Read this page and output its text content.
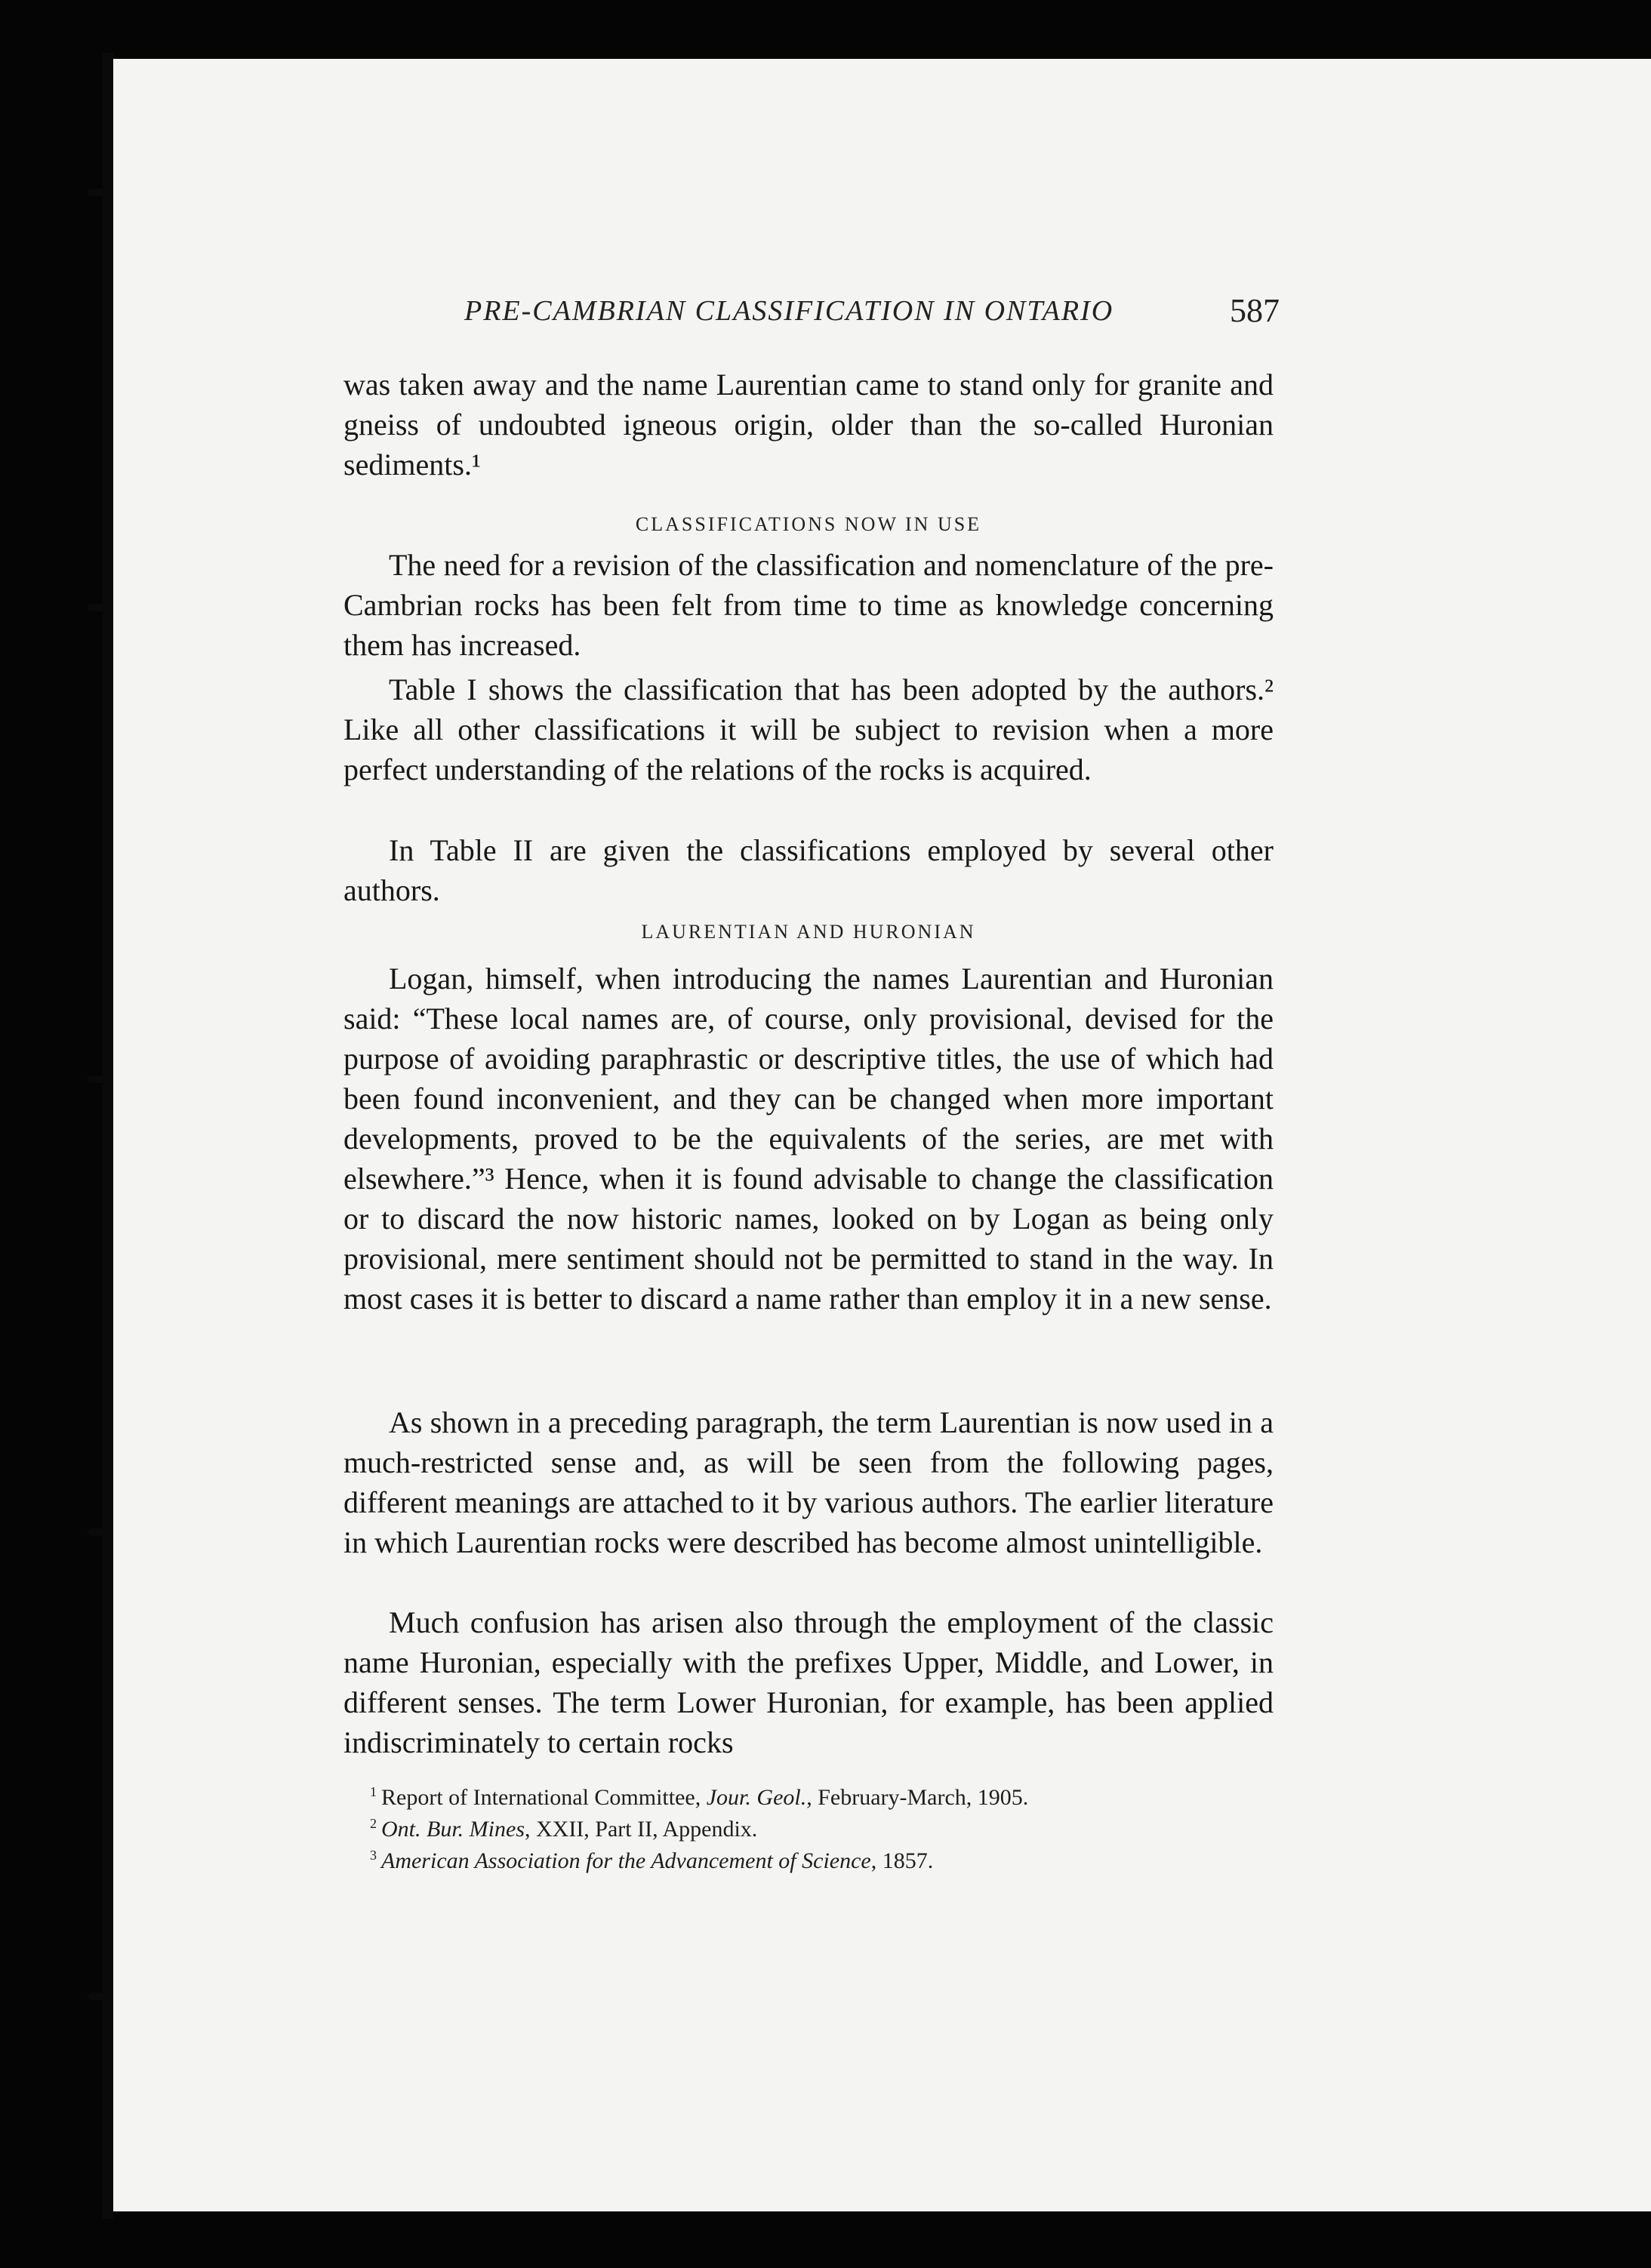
PRE-CAMBRIAN CLASSIFICATION IN ONTARIO	587
was taken away and the name Laurentian came to stand only for granite and gneiss of undoubted igneous origin, older than the so-called Huronian sediments.¹
CLASSIFICATIONS NOW IN USE
The need for a revision of the classification and nomenclature of the pre-Cambrian rocks has been felt from time to time as knowledge concerning them has increased.
Table I shows the classification that has been adopted by the authors.² Like all other classifications it will be subject to revision when a more perfect understanding of the relations of the rocks is acquired.
In Table II are given the classifications employed by several other authors.
LAURENTIAN AND HURONIAN
Logan, himself, when introducing the names Laurentian and Huronian said: “These local names are, of course, only provisional, devised for the purpose of avoiding paraphrastic or descriptive titles, the use of which had been found inconvenient, and they can be changed when more important developments, proved to be the equivalents of the series, are met with elsewhere.”³ Hence, when it is found advisable to change the classification or to discard the now historic names, looked on by Logan as being only provisional, mere sentiment should not be permitted to stand in the way. In most cases it is better to discard a name rather than employ it in a new sense.
As shown in a preceding paragraph, the term Laurentian is now used in a much-restricted sense and, as will be seen from the following pages, different meanings are attached to it by various authors. The earlier literature in which Laurentian rocks were described has become almost unintelligible.
Much confusion has arisen also through the employment of the classic name Huronian, especially with the prefixes Upper, Middle, and Lower, in different senses. The term Lower Huronian, for example, has been applied indiscriminately to certain rocks
$^1$ Report of International Committee, Jour. Geol., February-March, 1905.
$^2$ Ont. Bur. Mines, XXII, Part II, Appendix.
$^3$ American Association for the Advancement of Science, 1857.
